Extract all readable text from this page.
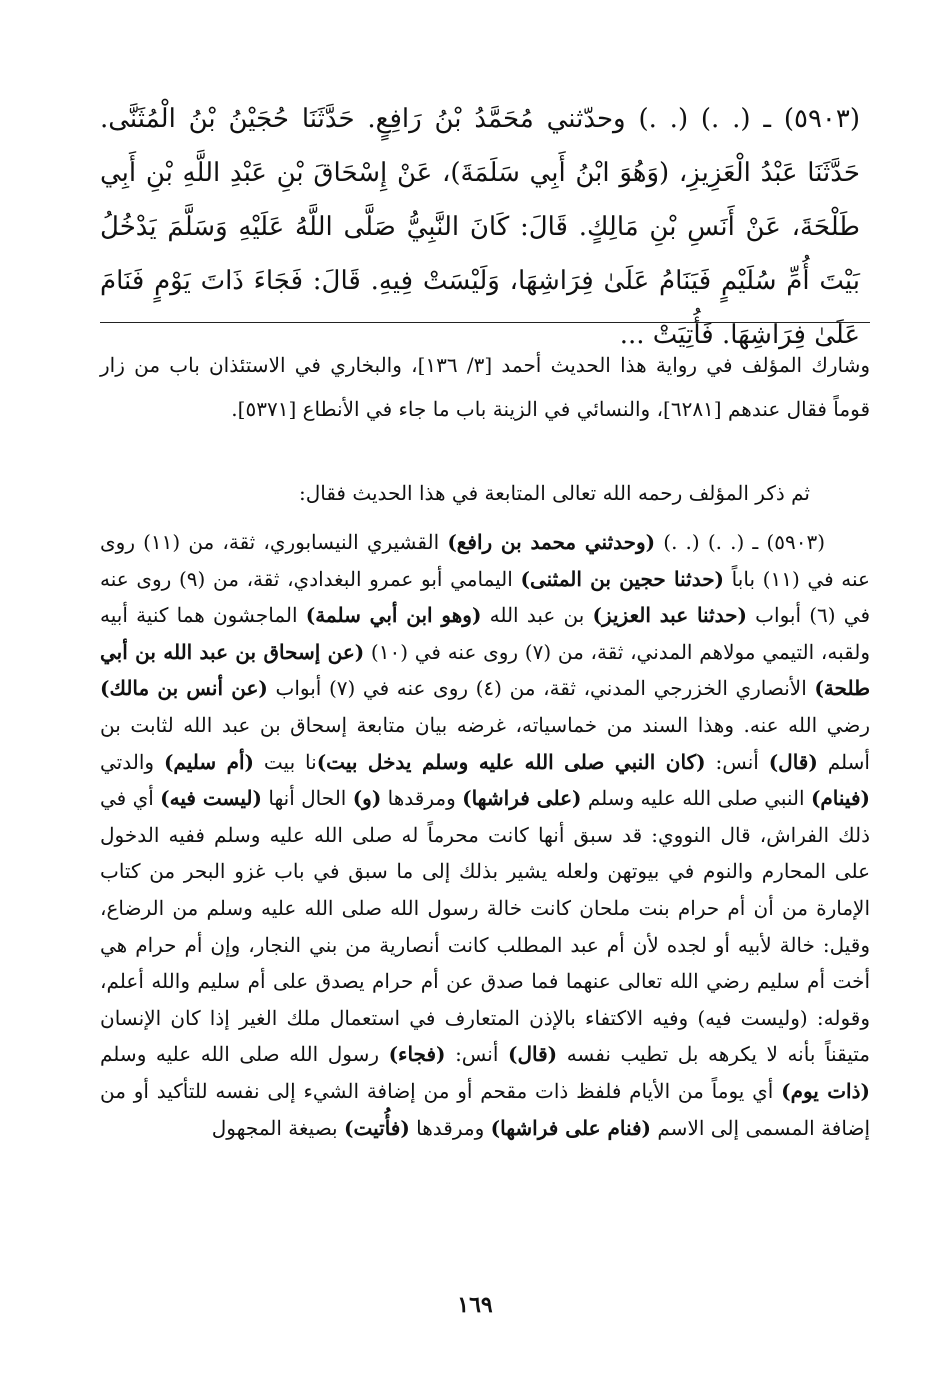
(٥٩٠٣) ـ (. .) (. .) وحدّثني مُحَمَّدُ بْنُ رَافِعٍ. حَدَّثَنَا حُجَيْنُ بْنُ الْمُثَنَّى. حَدَّثَنَا عَبْدُ الْعَزِيزِ، (وَهُوَ ابْنُ أَبِي سَلَمَةَ)، عَنْ إِسْحَاقَ بْنِ عَبْدِ اللَّهِ بْنِ أَبِي طَلْحَةَ، عَنْ أَنَسِ بْنِ مَالِكٍ. قَالَ: كَانَ النَّبِيُّ صَلَّى اللَّهُ عَلَيْهِ وَسَلَّمَ يَدْخُلُ بَيْتَ أُمِّ سُلَيْمٍ فَيَنَامُ عَلَىٰ فِرَاشِهَا، وَلَيْسَتْ فِيهِ. قَالَ: فَجَاءَ ذَاتَ يَوْمٍ فَنَامَ عَلَىٰ فِرَاشِهَا. فَأُتِيَتْ ...

وشارك المؤلف في رواية هذا الحديث أحمد [٣/ ١٣٦]، والبخاري في الاستئذان باب من زار قوماً فقال عندهم [٦٢٨١]، والنسائي في الزينة باب ما جاء في الأنطاع [٥٣٧١].

ثم ذكر المؤلف رحمه الله تعالى المتابعة في هذا الحديث فقال:

(٥٩٠٣) ـ (. .) (. .) (وحدثني محمد بن رافع) القشيري النيسابوري، ثقة، من (١١) روى عنه في (١١) باباً (حدثنا حجين بن المثنى) اليمامي أبو عمرو البغدادي، ثقة، من (٩) روى عنه في (٦) أبواب (حدثنا عبد العزيز) بن عبد الله (وهو ابن أبي سلمة) الماجشون هما كنية أبيه ولقبه، التيمي مولاهم المدني، ثقة، من (٧) روى عنه في (١٠) (عن إسحاق بن عبد الله بن أبي طلحة) الأنصاري الخزرجي المدني، ثقة، من (٤) روى عنه في (٧) أبواب (عن أنس بن مالك) رضي الله عنه. وهذا السند من خماسياته، غرضه بيان متابعة إسحاق بن عبد الله لثابت بن أسلم (قال) أنس: (كان النبي صلى الله عليه وسلم يدخل بيت)نا بيت (أم سليم) والدتي (فينام) النبي صلى الله عليه وسلم (على فراشها) ومرقدها (و) الحال أنها (ليست فيه) أي في ذلك الفراش، قال النووي: قد سبق أنها كانت محرماً له صلى الله عليه وسلم ففيه الدخول على المحارم والنوم في بيوتهن ولعله يشير بذلك إلى ما سبق في باب غزو البحر من كتاب الإمارة من أن أم حرام بنت ملحان كانت خالة رسول الله صلى الله عليه وسلم من الرضاع، وقيل: خالة لأبيه أو لجده لأن أم عبد المطلب كانت أنصارية من بني النجار، وإن أم حرام هي أخت أم سليم رضي الله تعالى عنهما فما صدق عن أم حرام يصدق على أم سليم والله أعلم، وقوله: (وليست فيه) وفيه الاكتفاء بالإذن المتعارف في استعمال ملك الغير إذا كان الإنسان متيقناً بأنه لا يكرهه بل تطيب نفسه (قال) أنس: (فجاء) رسول الله صلى الله عليه وسلم (ذات يوم) أي يوماً من الأيام فلفظ ذات مقحم أو من إضافة الشيء إلى نفسه للتأكيد أو من إضافة المسمى إلى الاسم (فنام على فراشها) ومرقدها (فأُتيت) بصيغة المجهول

١٦٩
